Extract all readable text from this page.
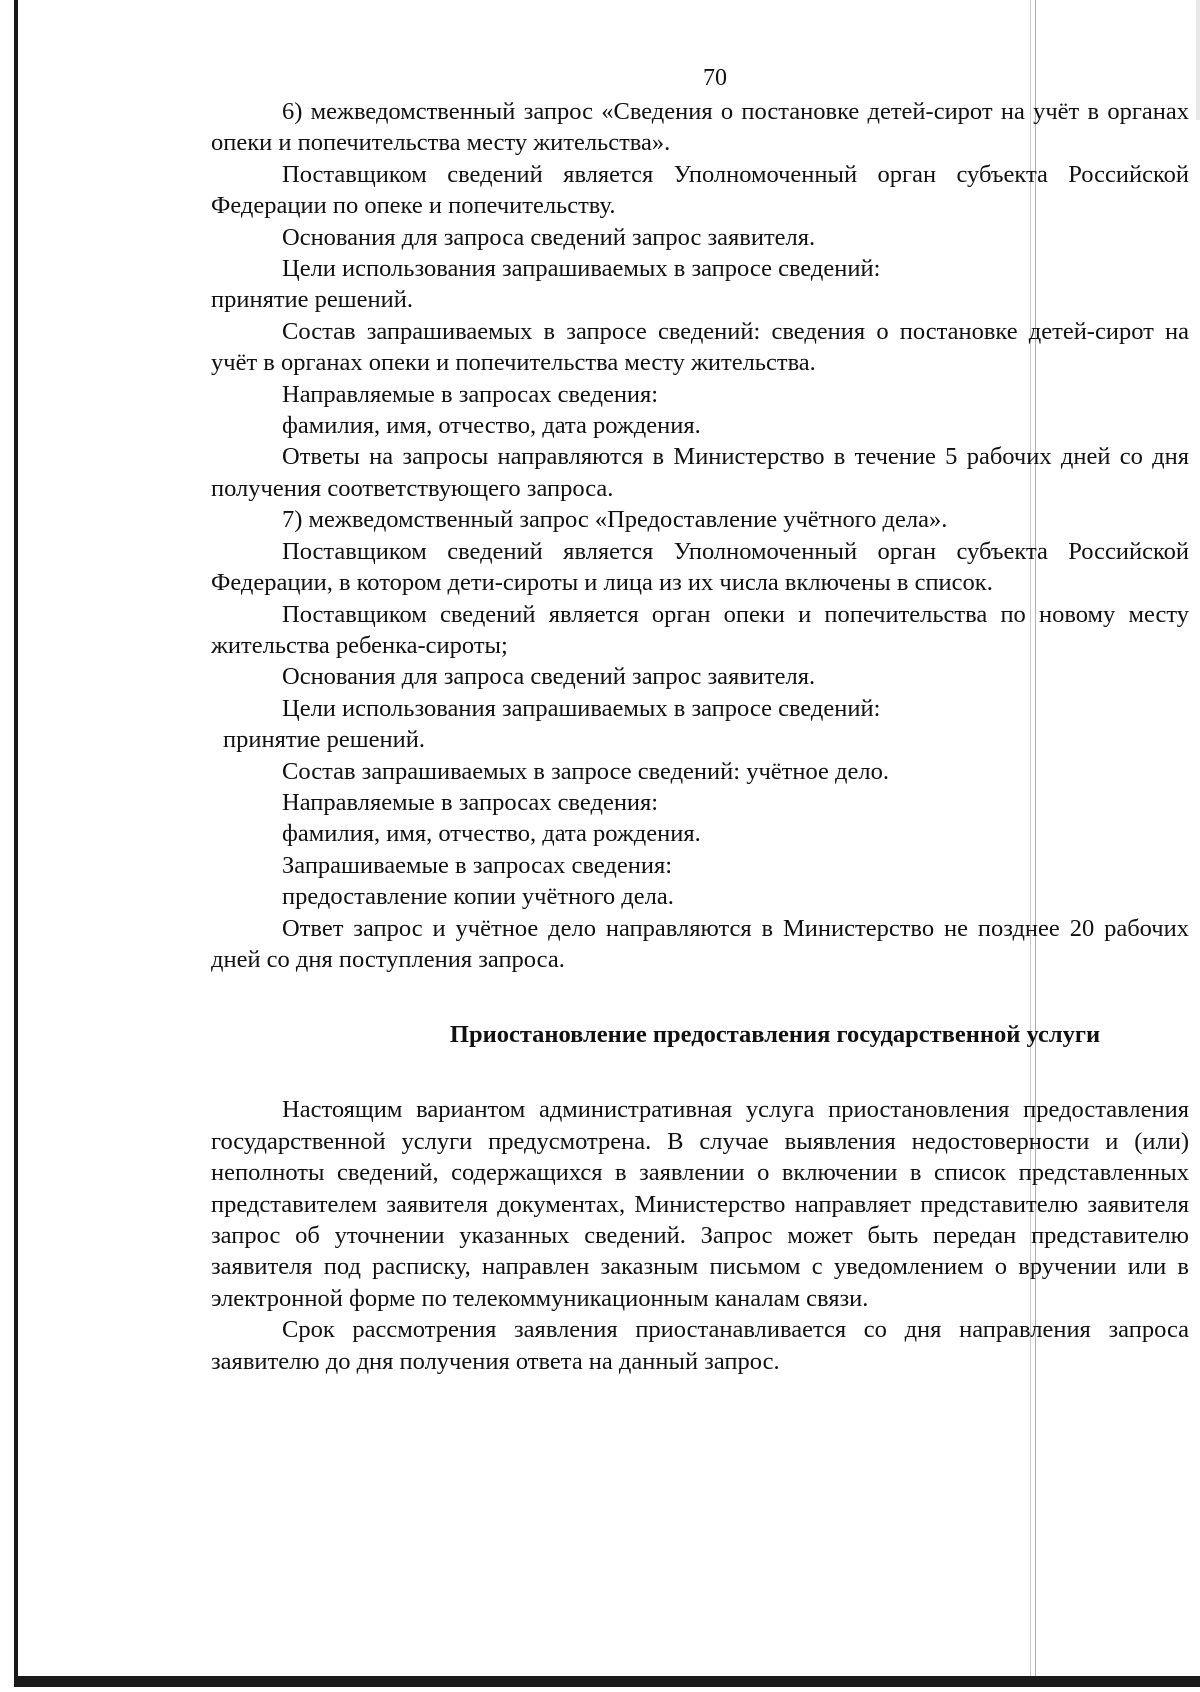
70

6) межведомственный запрос «Сведения о постановке детей-сирот на учёт в органах опеки и попечительства месту жительства».

Поставщиком сведений является Уполномоченный орган субъекта Российской Федерации по опеке и попечительству.

Основания для запроса сведений запрос заявителя.

Цели использования запрашиваемых в запросе сведений:

принятие решений.

Состав запрашиваемых в запросе сведений: сведения о постановке детей-сирот на учёт в органах опеки и попечительства месту жительства.

Направляемые в запросах сведения:

фамилия, имя, отчество, дата рождения.

Ответы на запросы направляются в Министерство в течение 5 рабочих дней со дня получения соответствующего запроса.

7) межведомственный запрос «Предоставление учётного дела».

Поставщиком сведений является Уполномоченный орган субъекта Российской Федерации, в котором дети-сироты и лица из их числа включены в список.

Поставщиком сведений является орган опеки и попечительства по новому месту жительства ребенка-сироты;

Основания для запроса сведений запрос заявителя.

Цели использования запрашиваемых в запросе сведений:

принятие решений.

Состав запрашиваемых в запросе сведений: учётное дело.

Направляемые в запросах сведения:

фамилия, имя, отчество, дата рождения.

Запрашиваемые в запросах сведения:

предоставление копии учётного дела.

Ответ запрос и учётное дело направляются в Министерство не позднее 20 рабочих дней со дня поступления запроса.

Приостановление предоставления государственной услуги

Настоящим вариантом административная услуга приостановления предоставления государственной услуги предусмотрена. В случае выявления недостоверности и (или) неполноты сведений, содержащихся в заявлении о включении в список представленных представителем заявителя документах, Министерство направляет представителю заявителя запрос об уточнении указанных сведений. Запрос может быть передан представителю заявителя под расписку, направлен заказным письмом с уведомлением о вручении или в электронной форме по телекоммуникационным каналам связи.

Срок рассмотрения заявления приостанавливается со дня направления запроса заявителю до дня получения ответа на данный запрос.
